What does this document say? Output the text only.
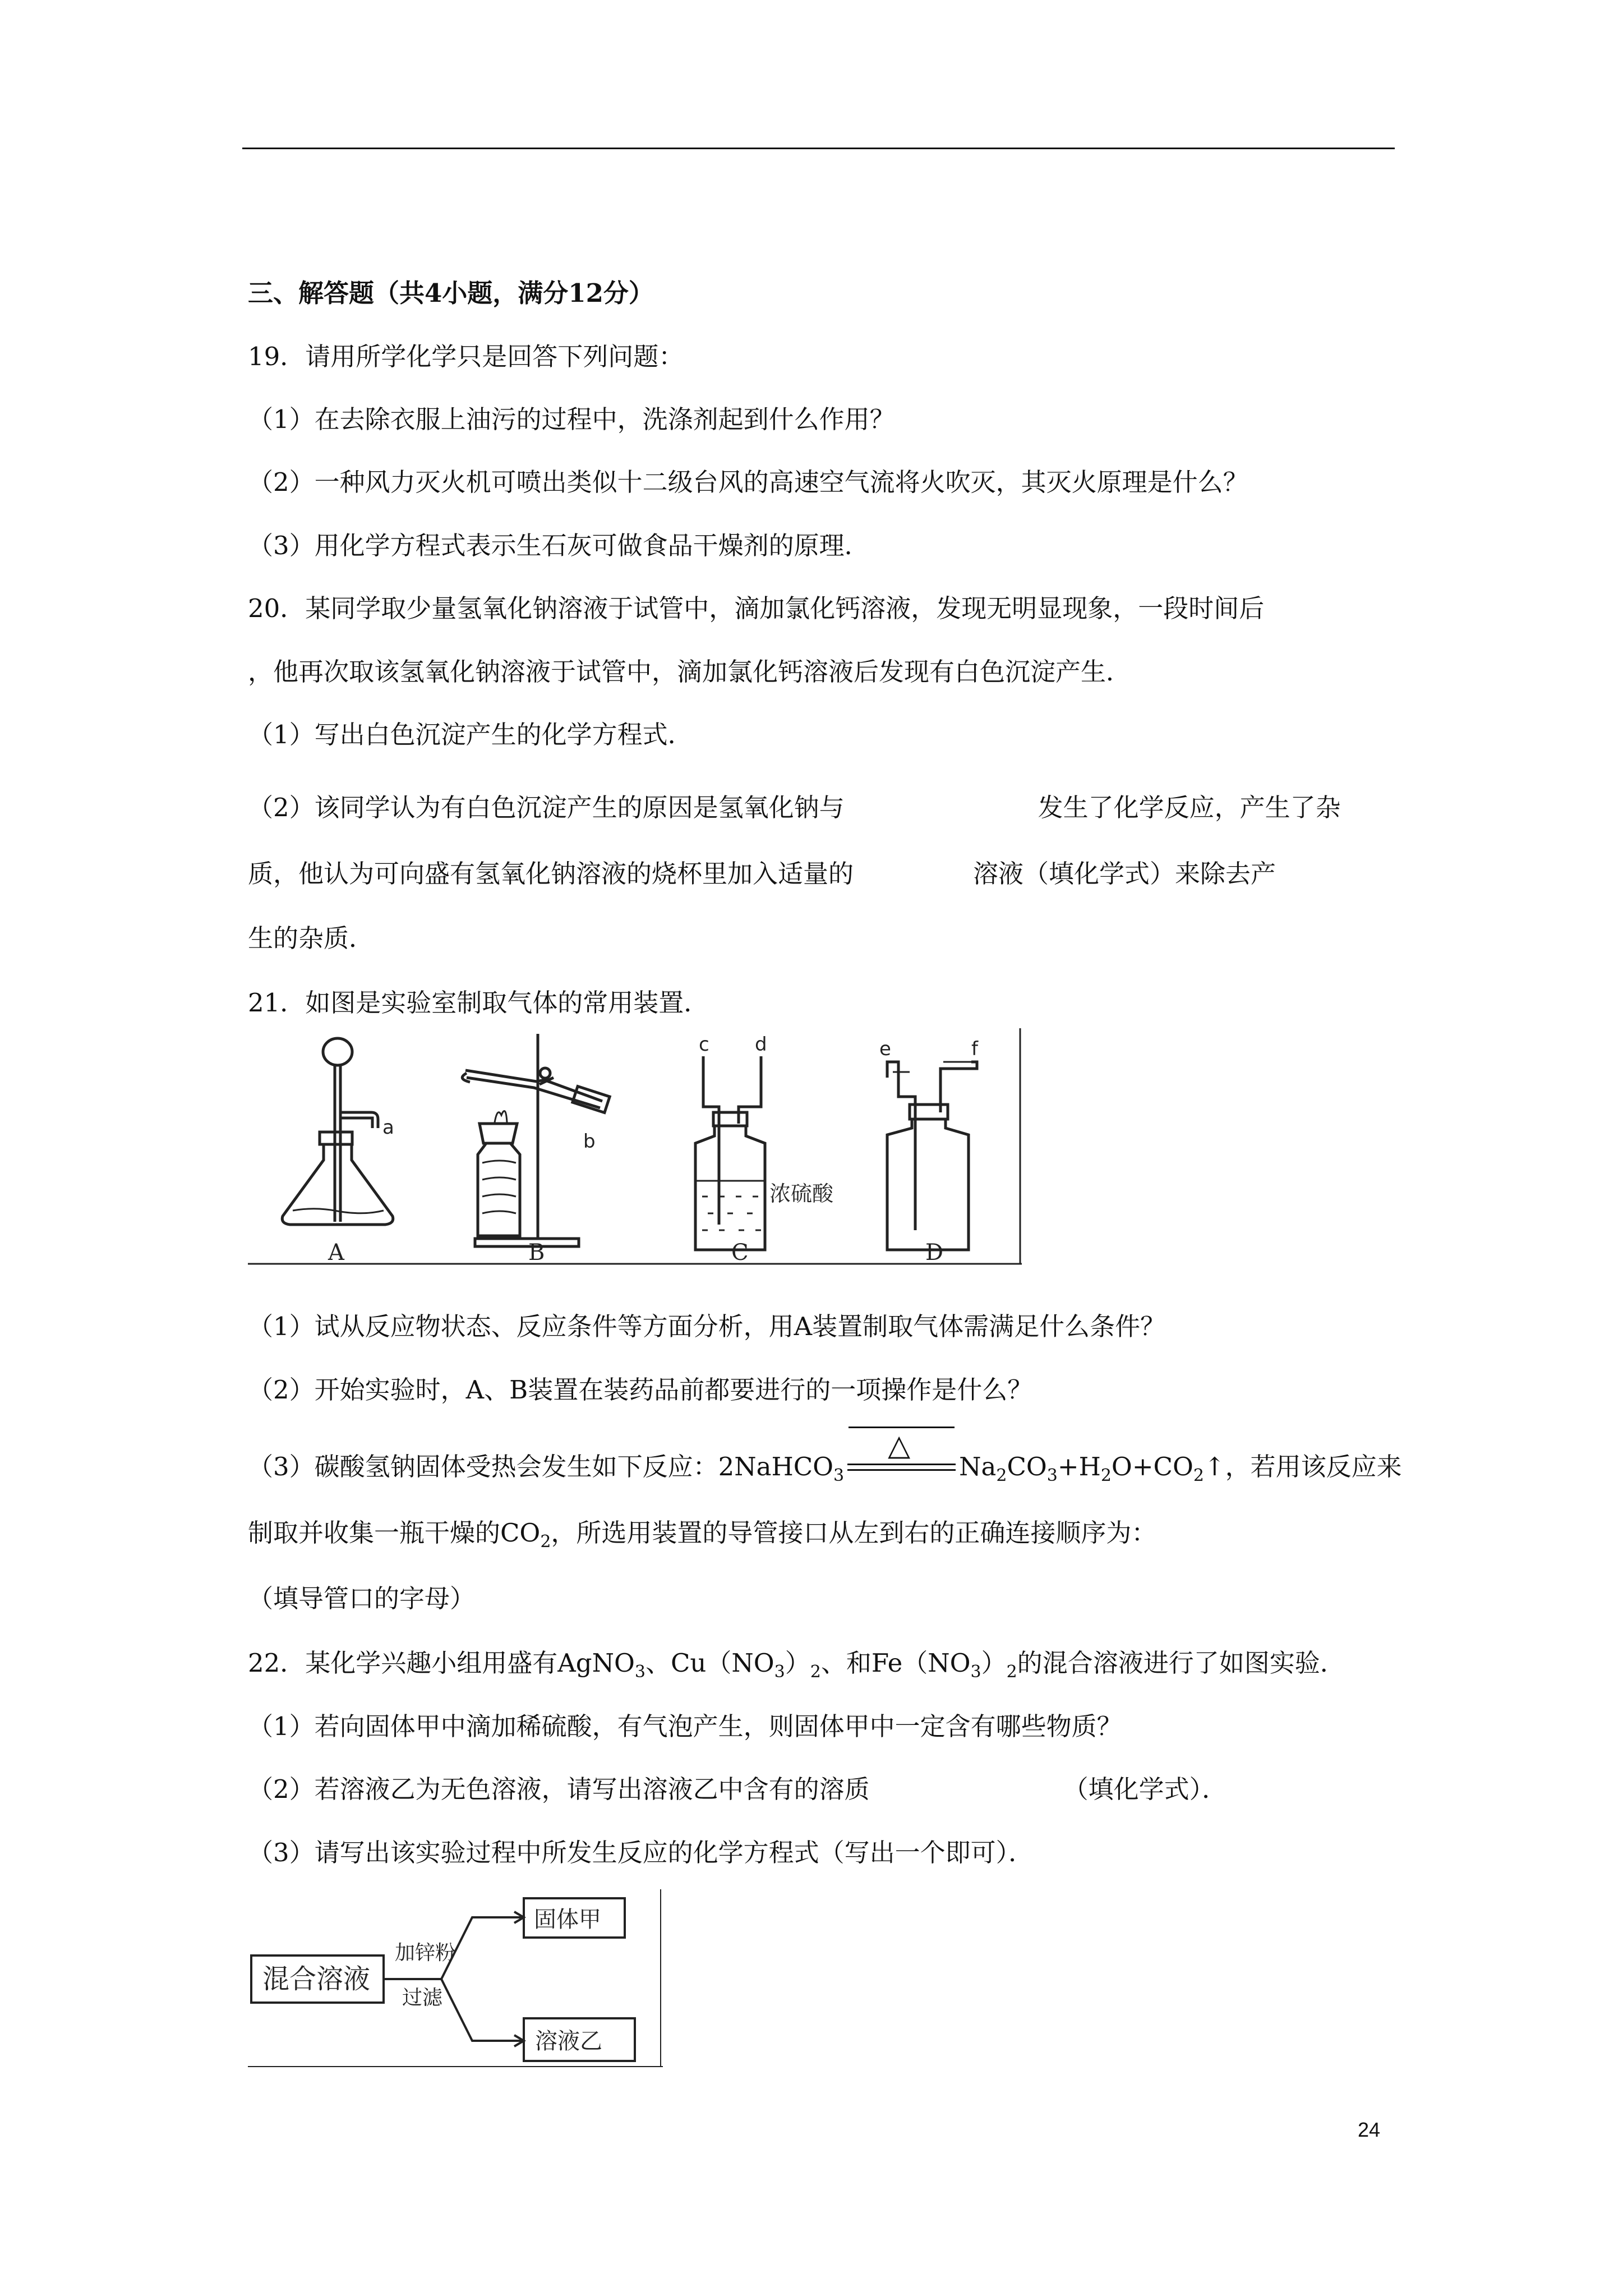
三、解答题（共4小题，满分12分）
19．请用所学化学只是回答下列问题：
（1）在去除衣服上油污的过程中，洗涤剂起到什么作用？
（2）一种风力灭火机可喷出类似十二级台风的高速空气流将火吹灭，其灭火原理是什么？
（3）用化学方程式表示生石灰可做食品干燥剂的原理．
20．某同学取少量氢氧化钠溶液于试管中，滴加氯化钙溶液，发现无明显现象，一段时间后
，他再次取该氢氧化钠溶液于试管中，滴加氯化钙溶液后发现有白色沉淀产生．
（1）写出白色沉淀产生的化学方程式．
（2）该同学认为有白色沉淀产生的原因是氢氧化钠与	发生了化学反应，产生了杂
质，他认为可向盛有氢氧化钠溶液的烧杯里加入适量的	溶液（填化学式）来除去产
生的杂质．
21．如图是实验室制取气体的常用装置．
a
b
c d	e	f
浓硫酸
A	B	C	D
（1）试从反应物状态、反应条件等方面分析，用A装置制取气体需满足什么条件？
（2）开始实验时，A、B装置在装药品前都要进行的一项操作是什么？
（3）碳酸氢钠固体受热会发生如下反应：2NaHCO$_3$
△
$Na_2CO_3+H_2O+CO_2↑$，若用该反应来
制取并收集一瓶干燥的$CO_2$，所选用装置的导管接口从左到右的正确连接顺序为：
（填导管口的字母）
22．某化学兴趣小组用盛有AgNO$_3$、$Cu(NO_3)_2$、和$Fe(NO_3)_2$的混合溶液进行了如图实验．
（1）若向固体甲中滴加稀硫酸，有气泡产生，则固体甲中一定含有哪些物质？
（2）若溶液乙为无色溶液，请写出溶液乙中含有的溶质	（填化学式）．
（3）请写出该实验过程中所发生反应的化学方程式（写出一个即可）．
混合溶液
加锌粉
过滤
固体甲
溶液乙
24
